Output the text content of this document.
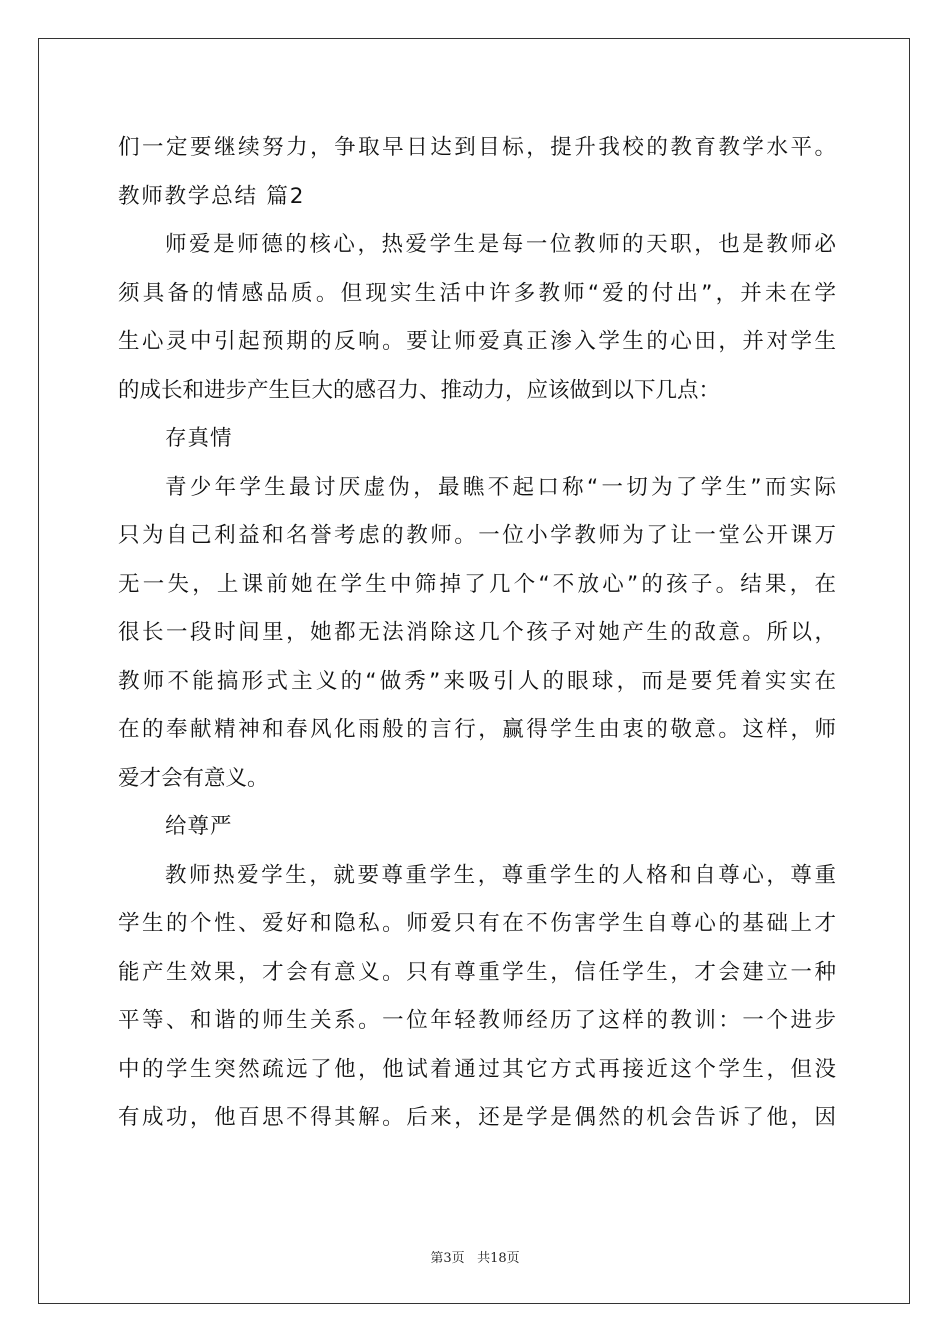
们一定要继续努力，争取早日达到目标，提升我校的教育教学水平。
教师教学总结 篇2
师爱是师德的核心，热爱学生是每一位教师的天职，也是教师必
须具备的情感品质。但现实生活中许多教师“爱的付出”，并未在学
生心灵中引起预期的反响。要让师爱真正渗入学生的心田，并对学生
的成长和进步产生巨大的感召力、推动力，应该做到以下几点：
存真情
青少年学生最讨厌虚伪，最瞧不起口称“一切为了学生”而实际
只为自己利益和名誉考虑的教师。一位小学教师为了让一堂公开课万
无一失，上课前她在学生中筛掉了几个“不放心”的孩子。结果，在
很长一段时间里，她都无法消除这几个孩子对她产生的敌意。所以，
教师不能搞形式主义的“做秀”来吸引人的眼球，而是要凭着实实在
在的奉献精神和春风化雨般的言行，赢得学生由衷的敬意。这样，师
爱才会有意义。
给尊严
教师热爱学生，就要尊重学生，尊重学生的人格和自尊心，尊重
学生的个性、爱好和隐私。师爱只有在不伤害学生自尊心的基础上才
能产生效果，才会有意义。只有尊重学生，信任学生，才会建立一种
平等、和谐的师生关系。一位年轻教师经历了这样的教训：一个进步
中的学生突然疏远了他，他试着通过其它方式再接近这个学生，但没
有成功，他百思不得其解。后来，还是学是偶然的机会告诉了他，因
第3页 共18页
